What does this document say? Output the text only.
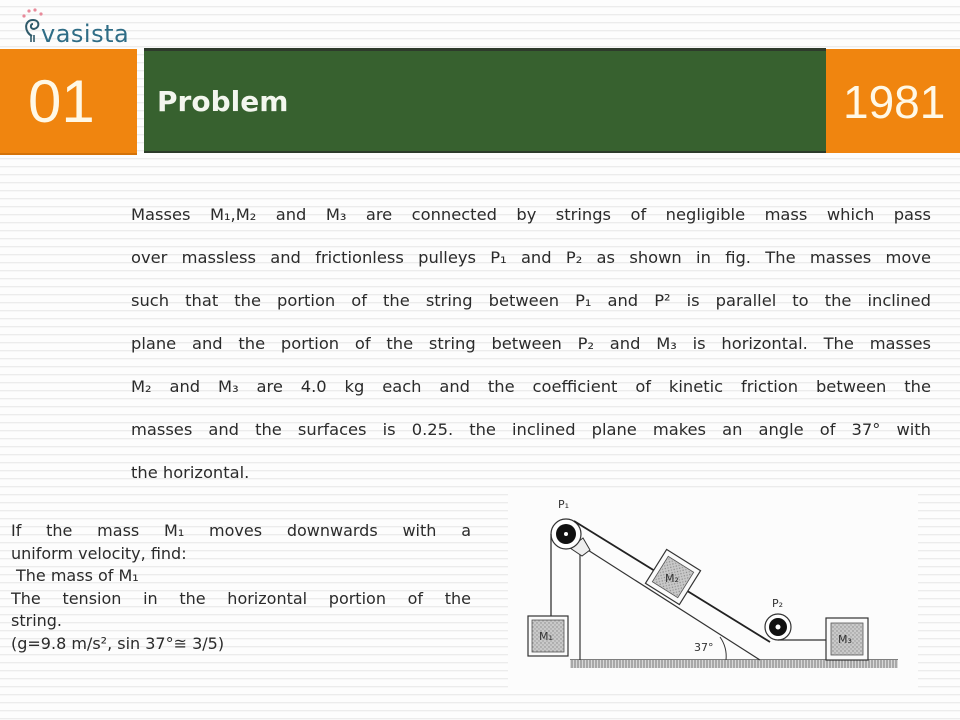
vasista
01 Problem	1981
Masses M₁,M₂ and M₃ are connected by strings of negligible mass which pass
over massless and frictionless pulleys P₁ and P₂ as shown in fig. The masses move
such that the portion of the string between P₁ and P² is parallel to the inclined
plane and the portion of the string between P₂ and M₃ is horizontal. The masses
M₂ and M₃ are 4.0 kg each and the coefficient of kinetic friction between the
masses and the surfaces is 0.25. the inclined plane makes an angle of 37° with
the horizontal.
If the mass M₁ moves downwards with a
uniform velocity, find:
The mass of M₁
The tension in the horizontal portion of the
string.
(g=9.8 m/s², sin 37°≅ 3/5)
P₁
M₁
M₂
P₂
M₃
37°
